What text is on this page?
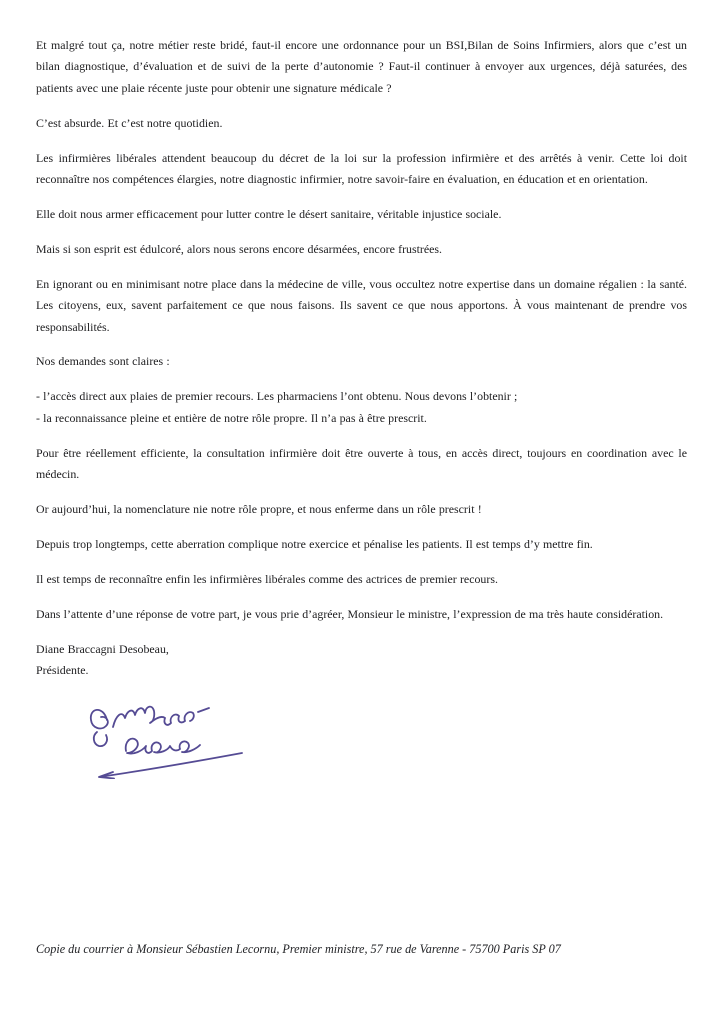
Et malgré tout ça, notre métier reste bridé, faut-il encore une ordonnance pour un BSI,Bilan de Soins Infirmiers, alors que c’est un bilan diagnostique, d’évaluation et de suivi de la perte d’autonomie ? Faut-il continuer à envoyer aux urgences, déjà saturées, des patients avec une plaie récente juste pour obtenir une signature médicale ?

C’est absurde. Et c’est notre quotidien.

Les infirmières libérales attendent beaucoup du décret de la loi sur la profession infirmière et des arrêtés à venir. Cette loi doit reconnaître nos compétences élargies, notre diagnostic infirmier, notre savoir-faire en évaluation, en éducation et en orientation.

Elle doit nous armer efficacement pour lutter contre le désert sanitaire, véritable injustice sociale.

Mais si son esprit est édulcoré, alors nous serons encore désarmées, encore frustrées.

En ignorant ou en minimisant notre place dans la médecine de ville, vous occultez notre expertise dans un domaine régalien : la santé. Les citoyens, eux, savent parfaitement ce que nous faisons. Ils savent ce que nous apportons. À vous maintenant de prendre vos responsabilités.

Nos demandes sont claires :

- l’accès direct aux plaies de premier recours. Les pharmaciens l’ont obtenu. Nous devons l’obtenir ;

- la reconnaissance pleine et entière de notre rôle propre. Il n’a pas à être prescrit.

Pour être réellement efficiente, la consultation infirmière doit être ouverte à tous, en accès direct, toujours en coordination avec le médecin.

Or aujourd’hui, la nomenclature nie notre rôle propre, et nous enferme dans un rôle prescrit !

Depuis trop longtemps, cette aberration complique notre exercice et pénalise les patients. Il est temps d’y mettre fin.

Il est temps de reconnaître enfin les infirmières libérales comme des actrices de premier recours.

Dans l’attente d’une réponse de votre part, je vous prie d’agréer, Monsieur le ministre, l’expression de ma très haute considération.

Diane Braccagni Desobeau,

Présidente.

Copie du courrier à Monsieur Sébastien Lecornu, Premier ministre, 57 rue de Varenne - 75700 Paris SP 07
